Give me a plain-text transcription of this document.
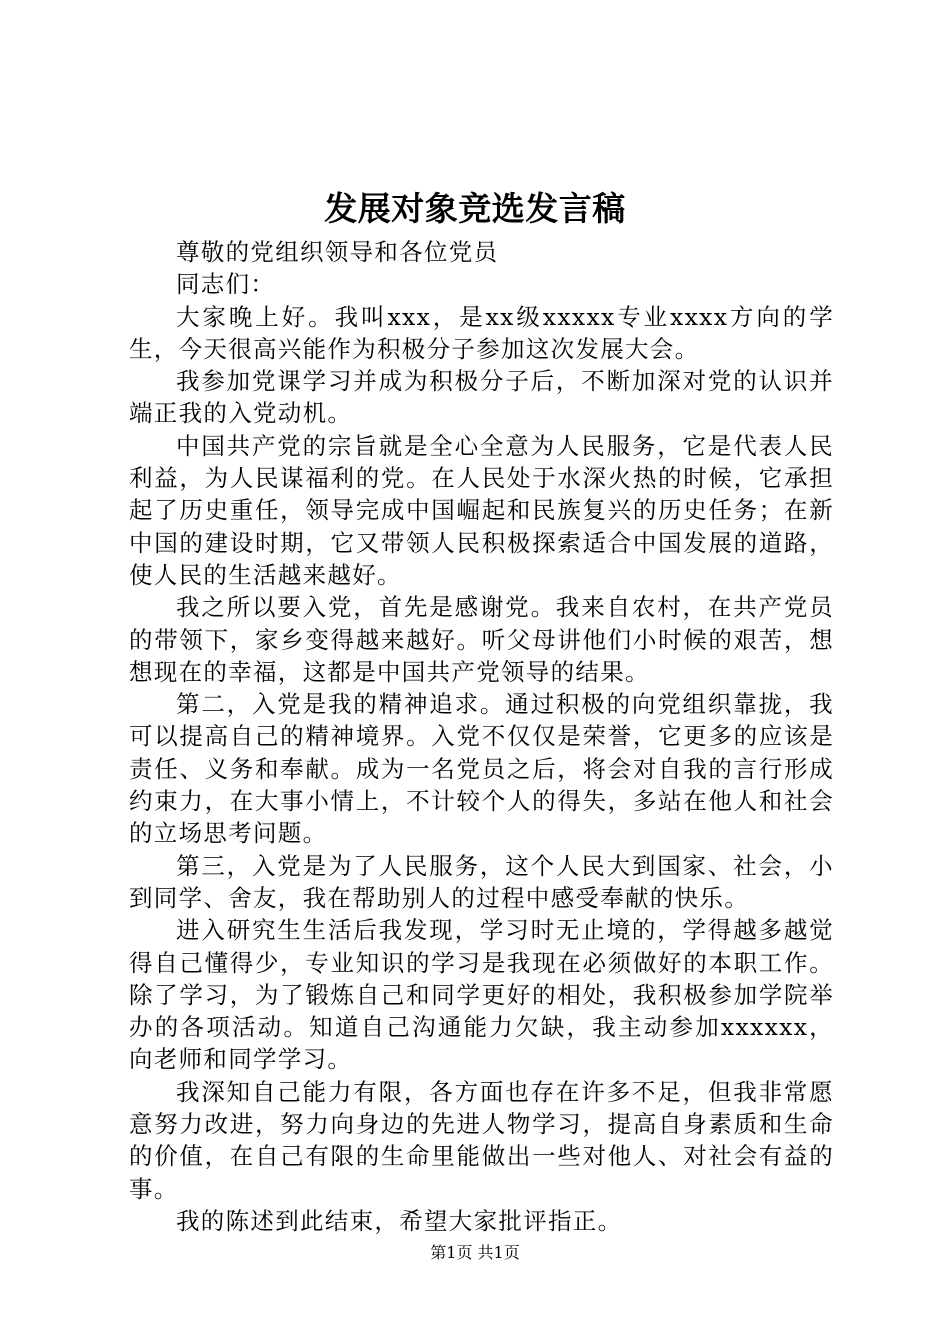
发展对象竞选发言稿

尊敬的党组织领导和各位党员

同志们：

大家晚上好。我叫xxx，是xx级xxxxx专业xxxx方向的学生，今天很高兴能作为积极分子参加这次发展大会。

我参加党课学习并成为积极分子后，不断加深对党的认识并端正我的入党动机。

中国共产党的宗旨就是全心全意为人民服务，它是代表人民利益，为人民谋福利的党。在人民处于水深火热的时候，它承担起了历史重任，领导完成中国崛起和民族复兴的历史任务；在新中国的建设时期，它又带领人民积极探索适合中国发展的道路，使人民的生活越来越好。

我之所以要入党，首先是感谢党。我来自农村，在共产党员的带领下，家乡变得越来越好。听父母讲他们小时候的艰苦，想想现在的幸福，这都是中国共产党领导的结果。

第二，入党是我的精神追求。通过积极的向党组织靠拢，我可以提高自己的精神境界。入党不仅仅是荣誉，它更多的应该是责任、义务和奉献。成为一名党员之后，将会对自我的言行形成约束力，在大事小情上，不计较个人的得失，多站在他人和社会的立场思考问题。

第三，入党是为了人民服务，这个人民大到国家、社会，小到同学、舍友，我在帮助别人的过程中感受奉献的快乐。

进入研究生生活后我发现，学习时无止境的，学得越多越觉得自己懂得少，专业知识的学习是我现在必须做好的本职工作。除了学习，为了锻炼自己和同学更好的相处，我积极参加学院举办的各项活动。知道自己沟通能力欠缺，我主动参加xxxxxx，向老师和同学学习。

我深知自己能力有限，各方面也存在许多不足，但我非常愿意努力改进，努力向身边的先进人物学习，提高自身素质和生命的价值，在自己有限的生命里能做出一些对他人、对社会有益的事。

我的陈述到此结束，希望大家批评指正。

第1页 共1页
